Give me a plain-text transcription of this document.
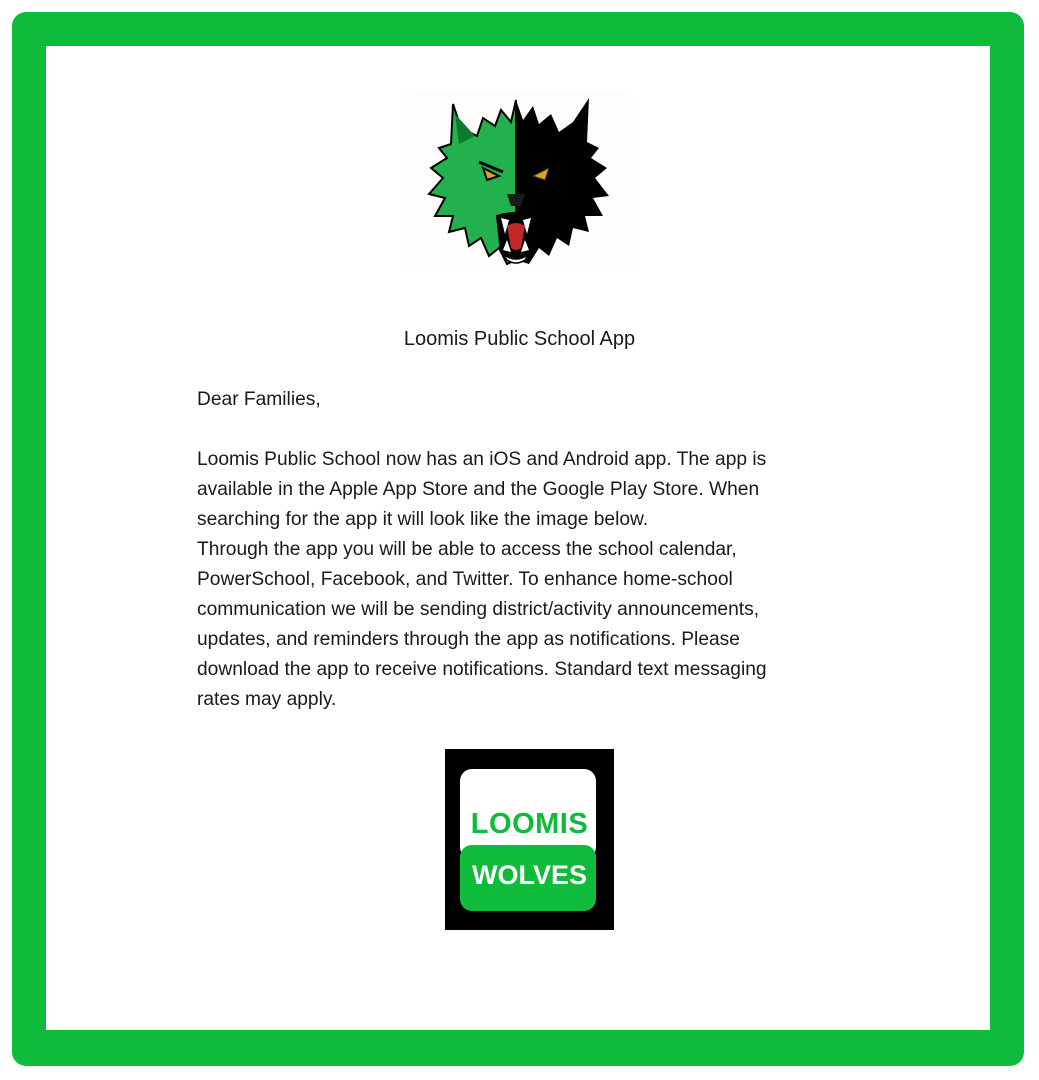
Loomis Public School App
Dear Families,
Loomis Public School now has an iOS and Android app. The app is
available in the Apple App Store and the Google Play Store. When
searching for the app it will look like the image below.
Through the app you will be able to access the school calendar,
PowerSchool, Facebook, and Twitter. To enhance home-school
communication we will be sending district/activity announcements,
updates, and reminders through the app as notifications. Please
download the app to receive notifications. Standard text messaging
rates may apply.
LOOMIS
WOLVES
